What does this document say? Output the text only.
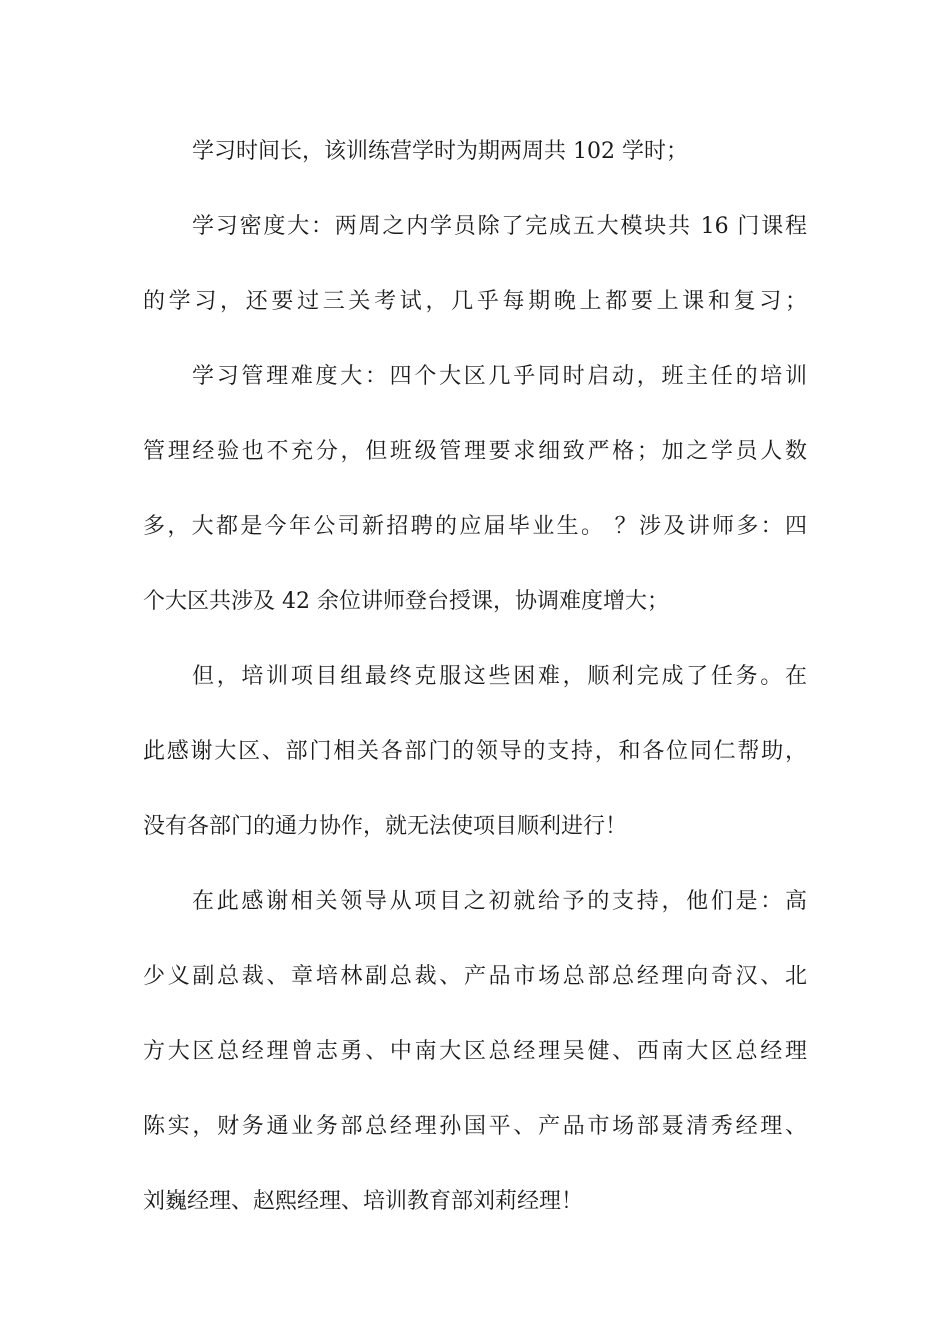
学习时间长，该训练营学时为期两周共 102 学时；
学习密度大：两周之内学员除了完成五大模块共 16 门课程
的学习，还要过三关考试，几乎每期晚上都要上课和复习；
学习管理难度大：四个大区几乎同时启动，班主任的培训
管理经验也不充分，但班级管理要求细致严格；加之学员人数
多，大都是今年公司新招聘的应届毕业生。 ？涉及讲师多：四
个大区共涉及 42 余位讲师登台授课，协调难度增大；
但，培训项目组最终克服这些困难，顺利完成了任务。在
此感谢大区、部门相关各部门的领导的支持，和各位同仁帮助，
没有各部门的通力协作，就无法使项目顺利进行！
在此感谢相关领导从项目之初就给予的支持，他们是：高
少义副总裁、章培林副总裁、产品市场总部总经理向奇汉、北
方大区总经理曾志勇、中南大区总经理吴健、西南大区总经理
陈实，财务通业务部总经理孙国平、产品市场部聂清秀经理、
刘巍经理、赵熙经理、培训教育部刘莉经理！
